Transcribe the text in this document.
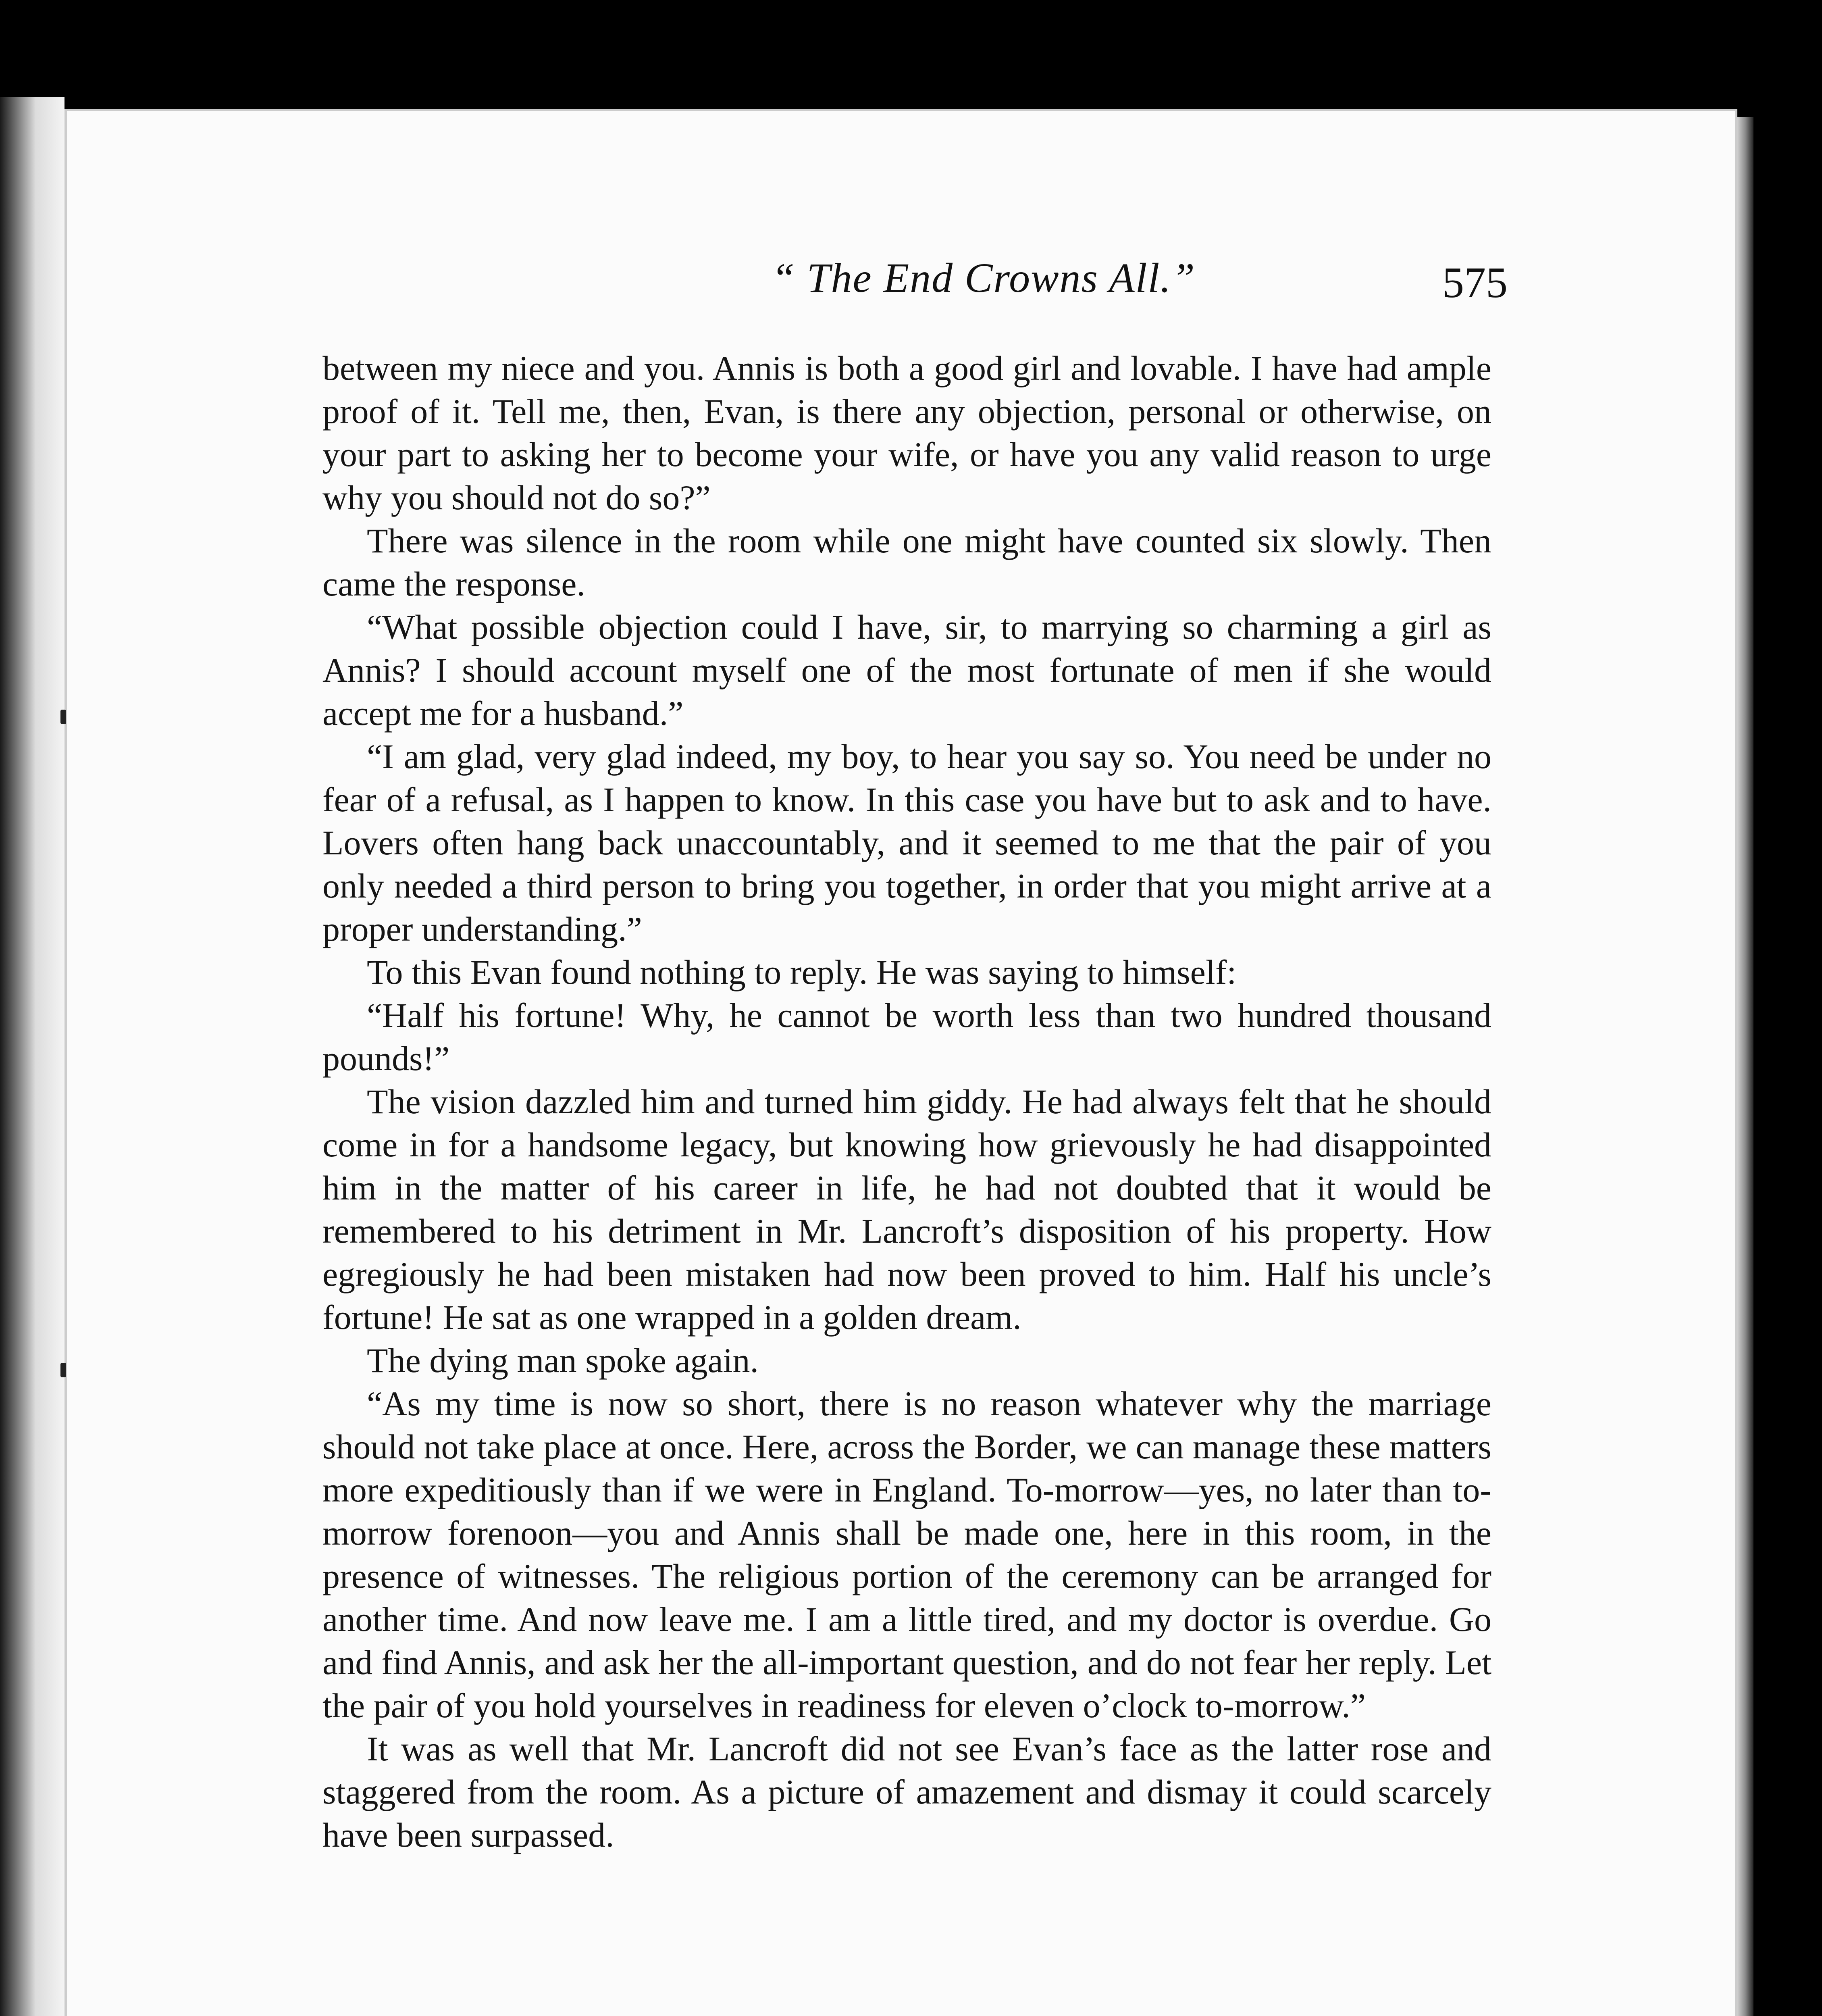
“ The End Crowns All.”	575

between my niece and you. Annis is both a good girl and lovable. I have had ample proof of it. Tell me, then, Evan, is there any objection, personal or otherwise, on your part to asking her to become your wife, or have you any valid reason to urge why you should not do so?”

There was silence in the room while one might have counted six slowly. Then came the response.

“What possible objection could I have, sir, to marrying so charming a girl as Annis? I should account myself one of the most fortunate of men if she would accept me for a husband.”

“I am glad, very glad indeed, my boy, to hear you say so. You need be under no fear of a refusal, as I happen to know. In this case you have but to ask and to have. Lovers often hang back unaccountably, and it seemed to me that the pair of you only needed a third person to bring you together, in order that you might arrive at a proper understanding.”

To this Evan found nothing to reply. He was saying to himself:

“Half his fortune! Why, he cannot be worth less than two hundred thousand pounds!”

The vision dazzled him and turned him giddy. He had always felt that he should come in for a handsome legacy, but knowing how grievously he had disappointed him in the matter of his career in life, he had not doubted that it would be remembered to his detriment in Mr. Lancroft’s disposition of his property. How egregiously he had been mistaken had now been proved to him. Half his uncle’s fortune! He sat as one wrapped in a golden dream.

The dying man spoke again.

“As my time is now so short, there is no reason whatever why the marriage should not take place at once. Here, across the Border, we can manage these matters more expeditiously than if we were in England. To-morrow—yes, no later than to-morrow forenoon—you and Annis shall be made one, here in this room, in the presence of witnesses. The religious portion of the ceremony can be arranged for another time. And now leave me. I am a little tired, and my doctor is overdue. Go and find Annis, and ask her the all-important question, and do not fear her reply. Let the pair of you hold yourselves in readiness for eleven o’clock to-morrow.”

It was as well that Mr. Lancroft did not see Evan’s face as the latter rose and staggered from the room. As a picture of amazement and dismay it could scarcely have been surpassed.
